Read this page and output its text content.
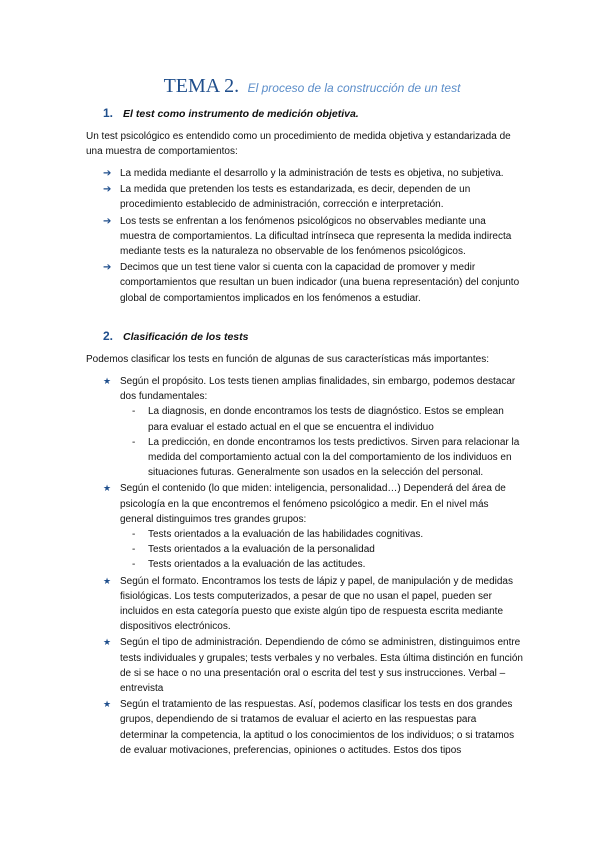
TEMA 2. El proceso de la construcción de un test
1. El test como instrumento de medición objetiva.
Un test psicológico es entendido como un procedimiento de medida objetiva y estandarizada de una muestra de comportamientos:
➔ La medida mediante el desarrollo y la administración de tests es objetiva, no subjetiva.
➔ La medida que pretenden los tests es estandarizada, es decir, dependen de un procedimiento establecido de administración, corrección e interpretación.
➔ Los tests se enfrentan a los fenómenos psicológicos no observables mediante una muestra de comportamientos. La dificultad intrínseca que representa la medida indirecta mediante tests es la naturaleza no observable de los fenómenos psicológicos.
➔ Decimos que un test tiene valor si cuenta con la capacidad de promover y medir comportamientos que resultan un buen indicador (una buena representación) del conjunto global de comportamientos implicados en los fenómenos a estudiar.
2. Clasificación de los tests
Podemos clasificar los tests en función de algunas de sus características más importantes:
★ Según el propósito. Los tests tienen amplias finalidades, sin embargo, podemos destacar dos fundamentales:
- La diagnosis, en donde encontramos los tests de diagnóstico. Estos se emplean para evaluar el estado actual en el que se encuentra el individuo
- La predicción, en donde encontramos los tests predictivos. Sirven para relacionar la medida del comportamiento actual con la del comportamiento de los individuos en situaciones futuras. Generalmente son usados en la selección del personal.
★ Según el contenido (lo que miden: inteligencia, personalidad…) Dependerá del área de psicología en la que encontremos el fenómeno psicológico a medir. En el nivel más general distinguimos tres grandes grupos:
- Tests orientados a la evaluación de las habilidades cognitivas.
- Tests orientados a la evaluación de la personalidad
- Tests orientados a la evaluación de las actitudes.
★ Según el formato. Encontramos los tests de lápiz y papel, de manipulación y de medidas fisiológicas. Los tests computerizados, a pesar de que no usan el papel, pueden ser incluidos en esta categoría puesto que existe algún tipo de respuesta escrita mediante dispositivos electrónicos.
★ Según el tipo de administración. Dependiendo de cómo se administren, distinguimos entre tests individuales y grupales; tests verbales y no verbales. Esta última distinción en función de si se hace o no una presentación oral o escrita del test y sus instrucciones. Verbal – entrevista
★ Según el tratamiento de las respuestas. Así, podemos clasificar los tests en dos grandes grupos, dependiendo de si tratamos de evaluar el acierto en las respuestas para determinar la competencia, la aptitud o los conocimientos de los individuos; o si tratamos de evaluar motivaciones, preferencias, opiniones o actitudes. Estos dos tipos
